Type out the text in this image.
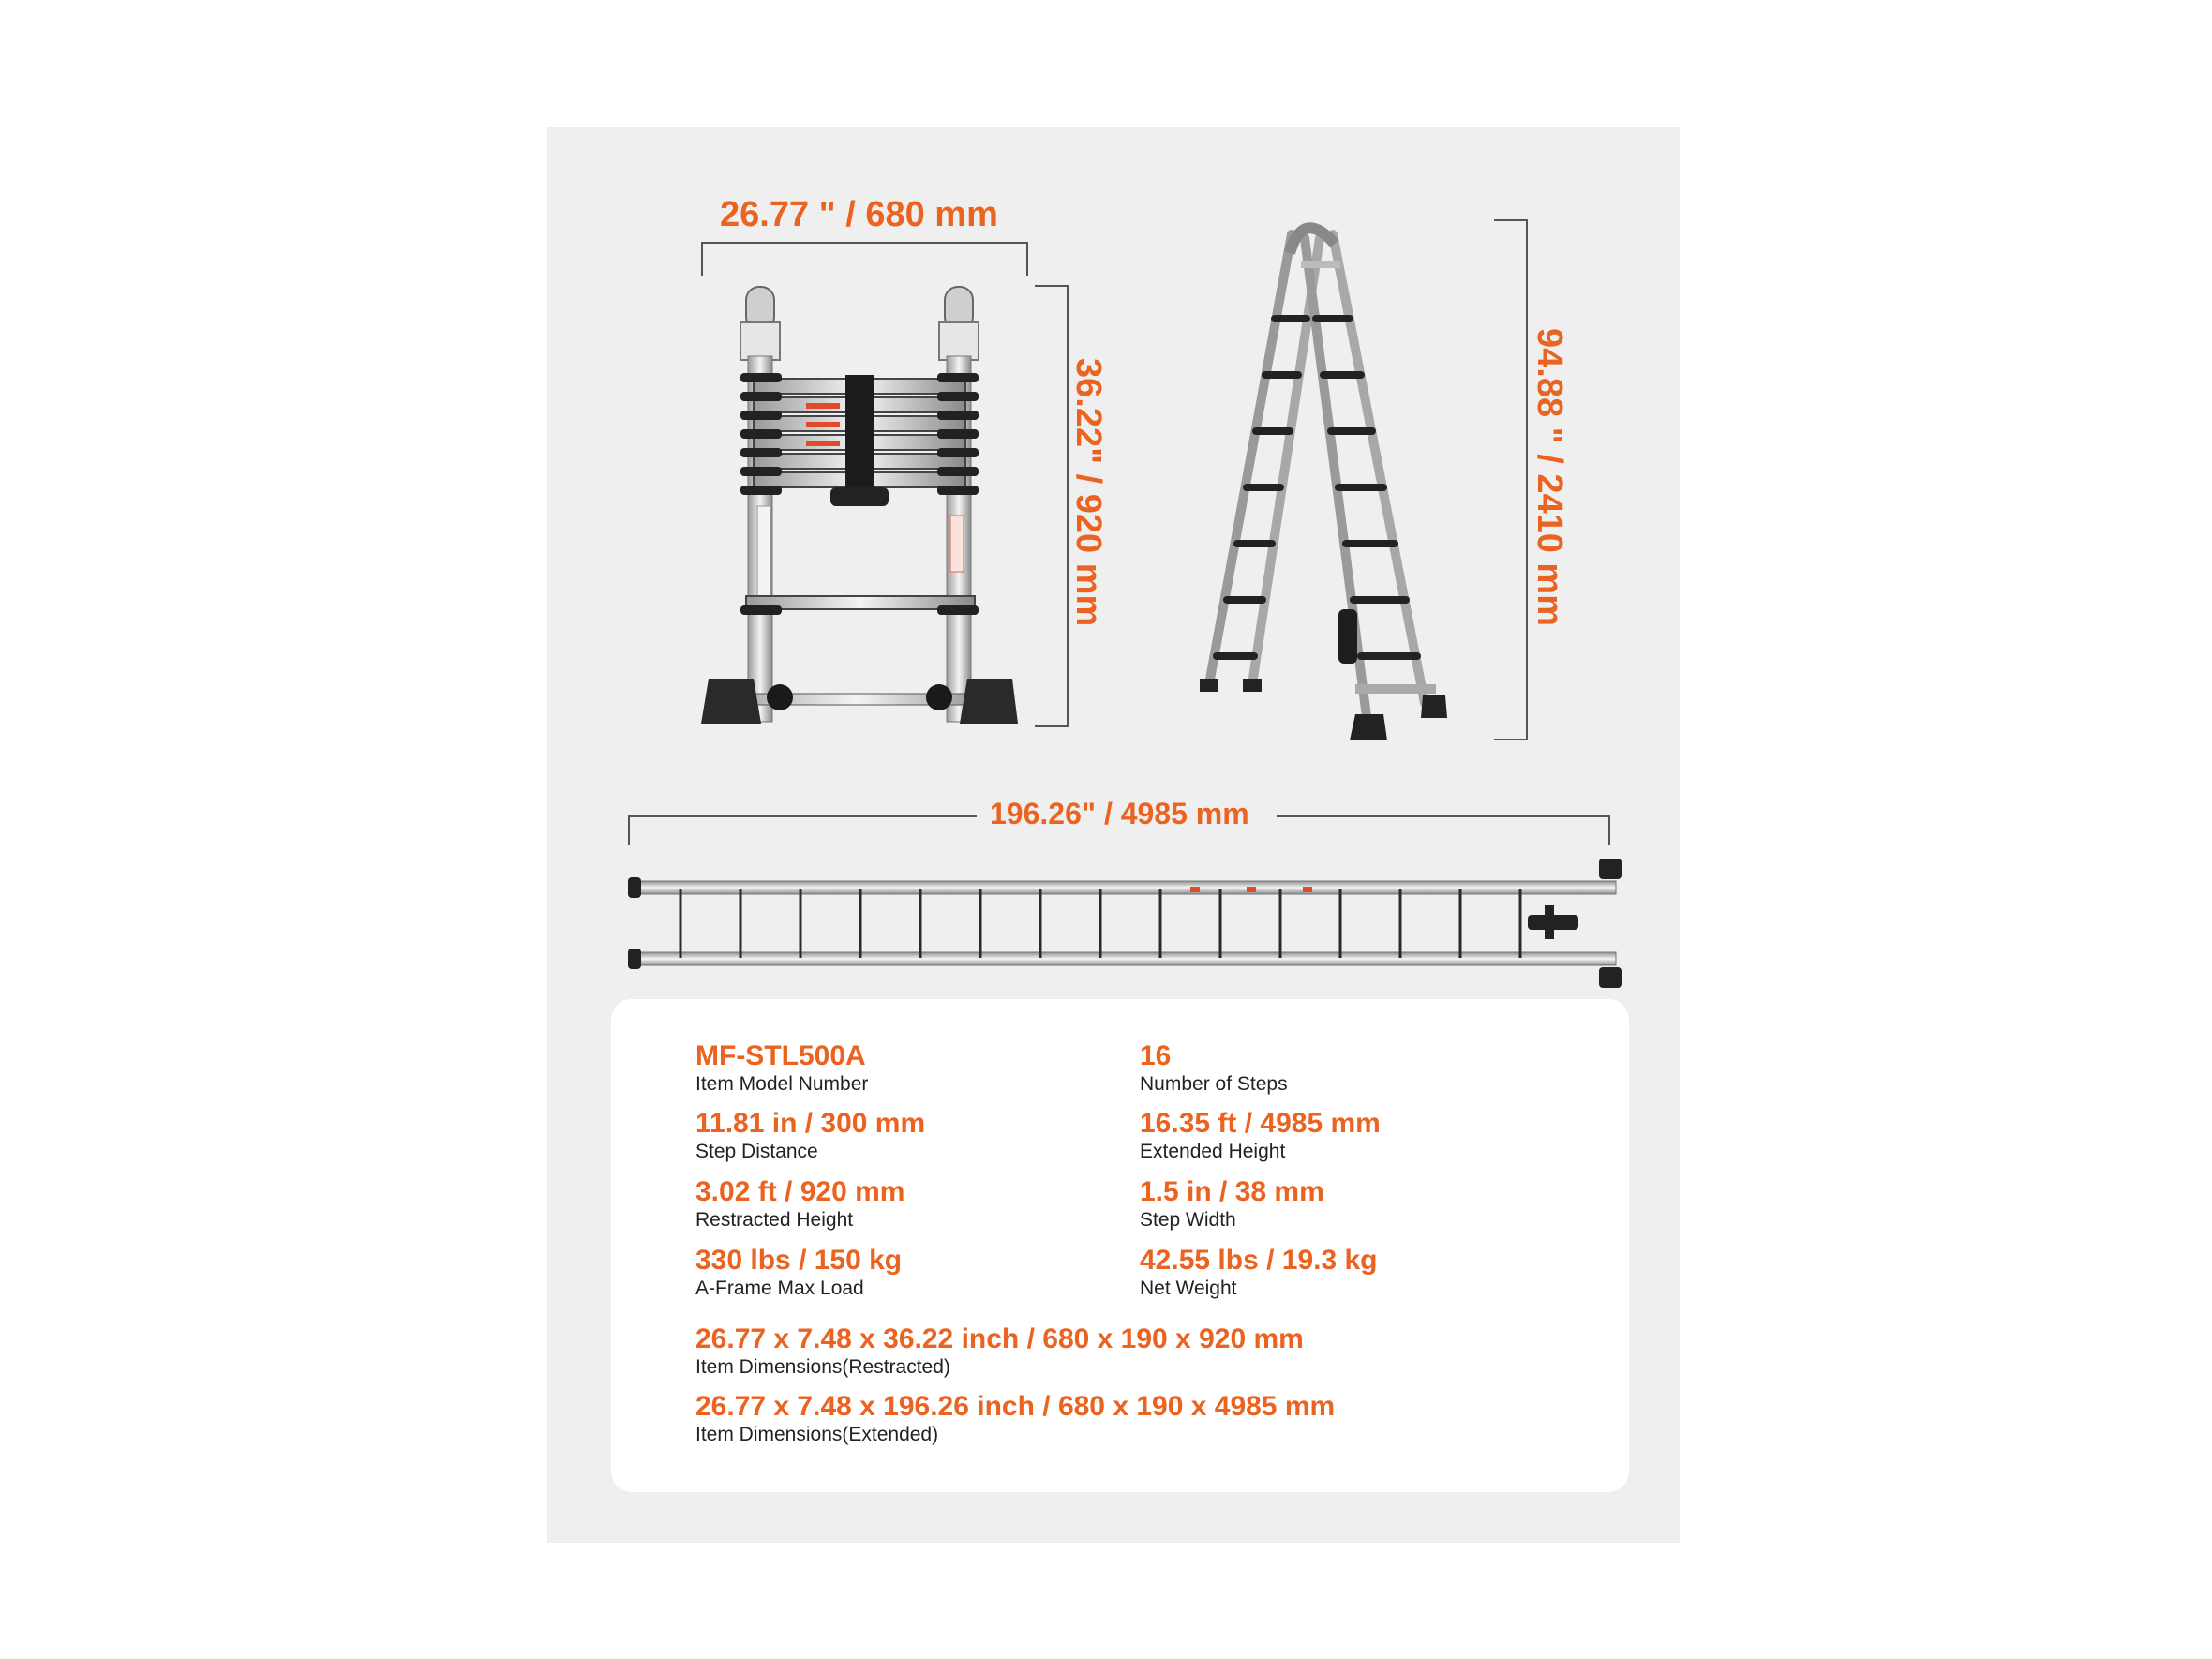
26.77 " / 680 mm
36.22" / 920 mm	94.88 " / 2410 mm
196.26" / 4985 mm
MF-STL500A
Item Model Number
16
Number of Steps
11.81 in / 300 mm
Step Distance
16.35 ft / 4985 mm
Extended Height
3.02 ft / 920 mm
Restracted Height
1.5 in / 38 mm
Step Width
330 lbs / 150 kg
A-Frame Max Load
42.55 lbs / 19.3 kg
Net Weight
26.77 x 7.48 x 36.22 inch / 680 x 190 x 920 mm
Item Dimensions(Restracted)
26.77 x 7.48 x 196.26 inch / 680 x 190 x 4985 mm
Item Dimensions(Extended)
